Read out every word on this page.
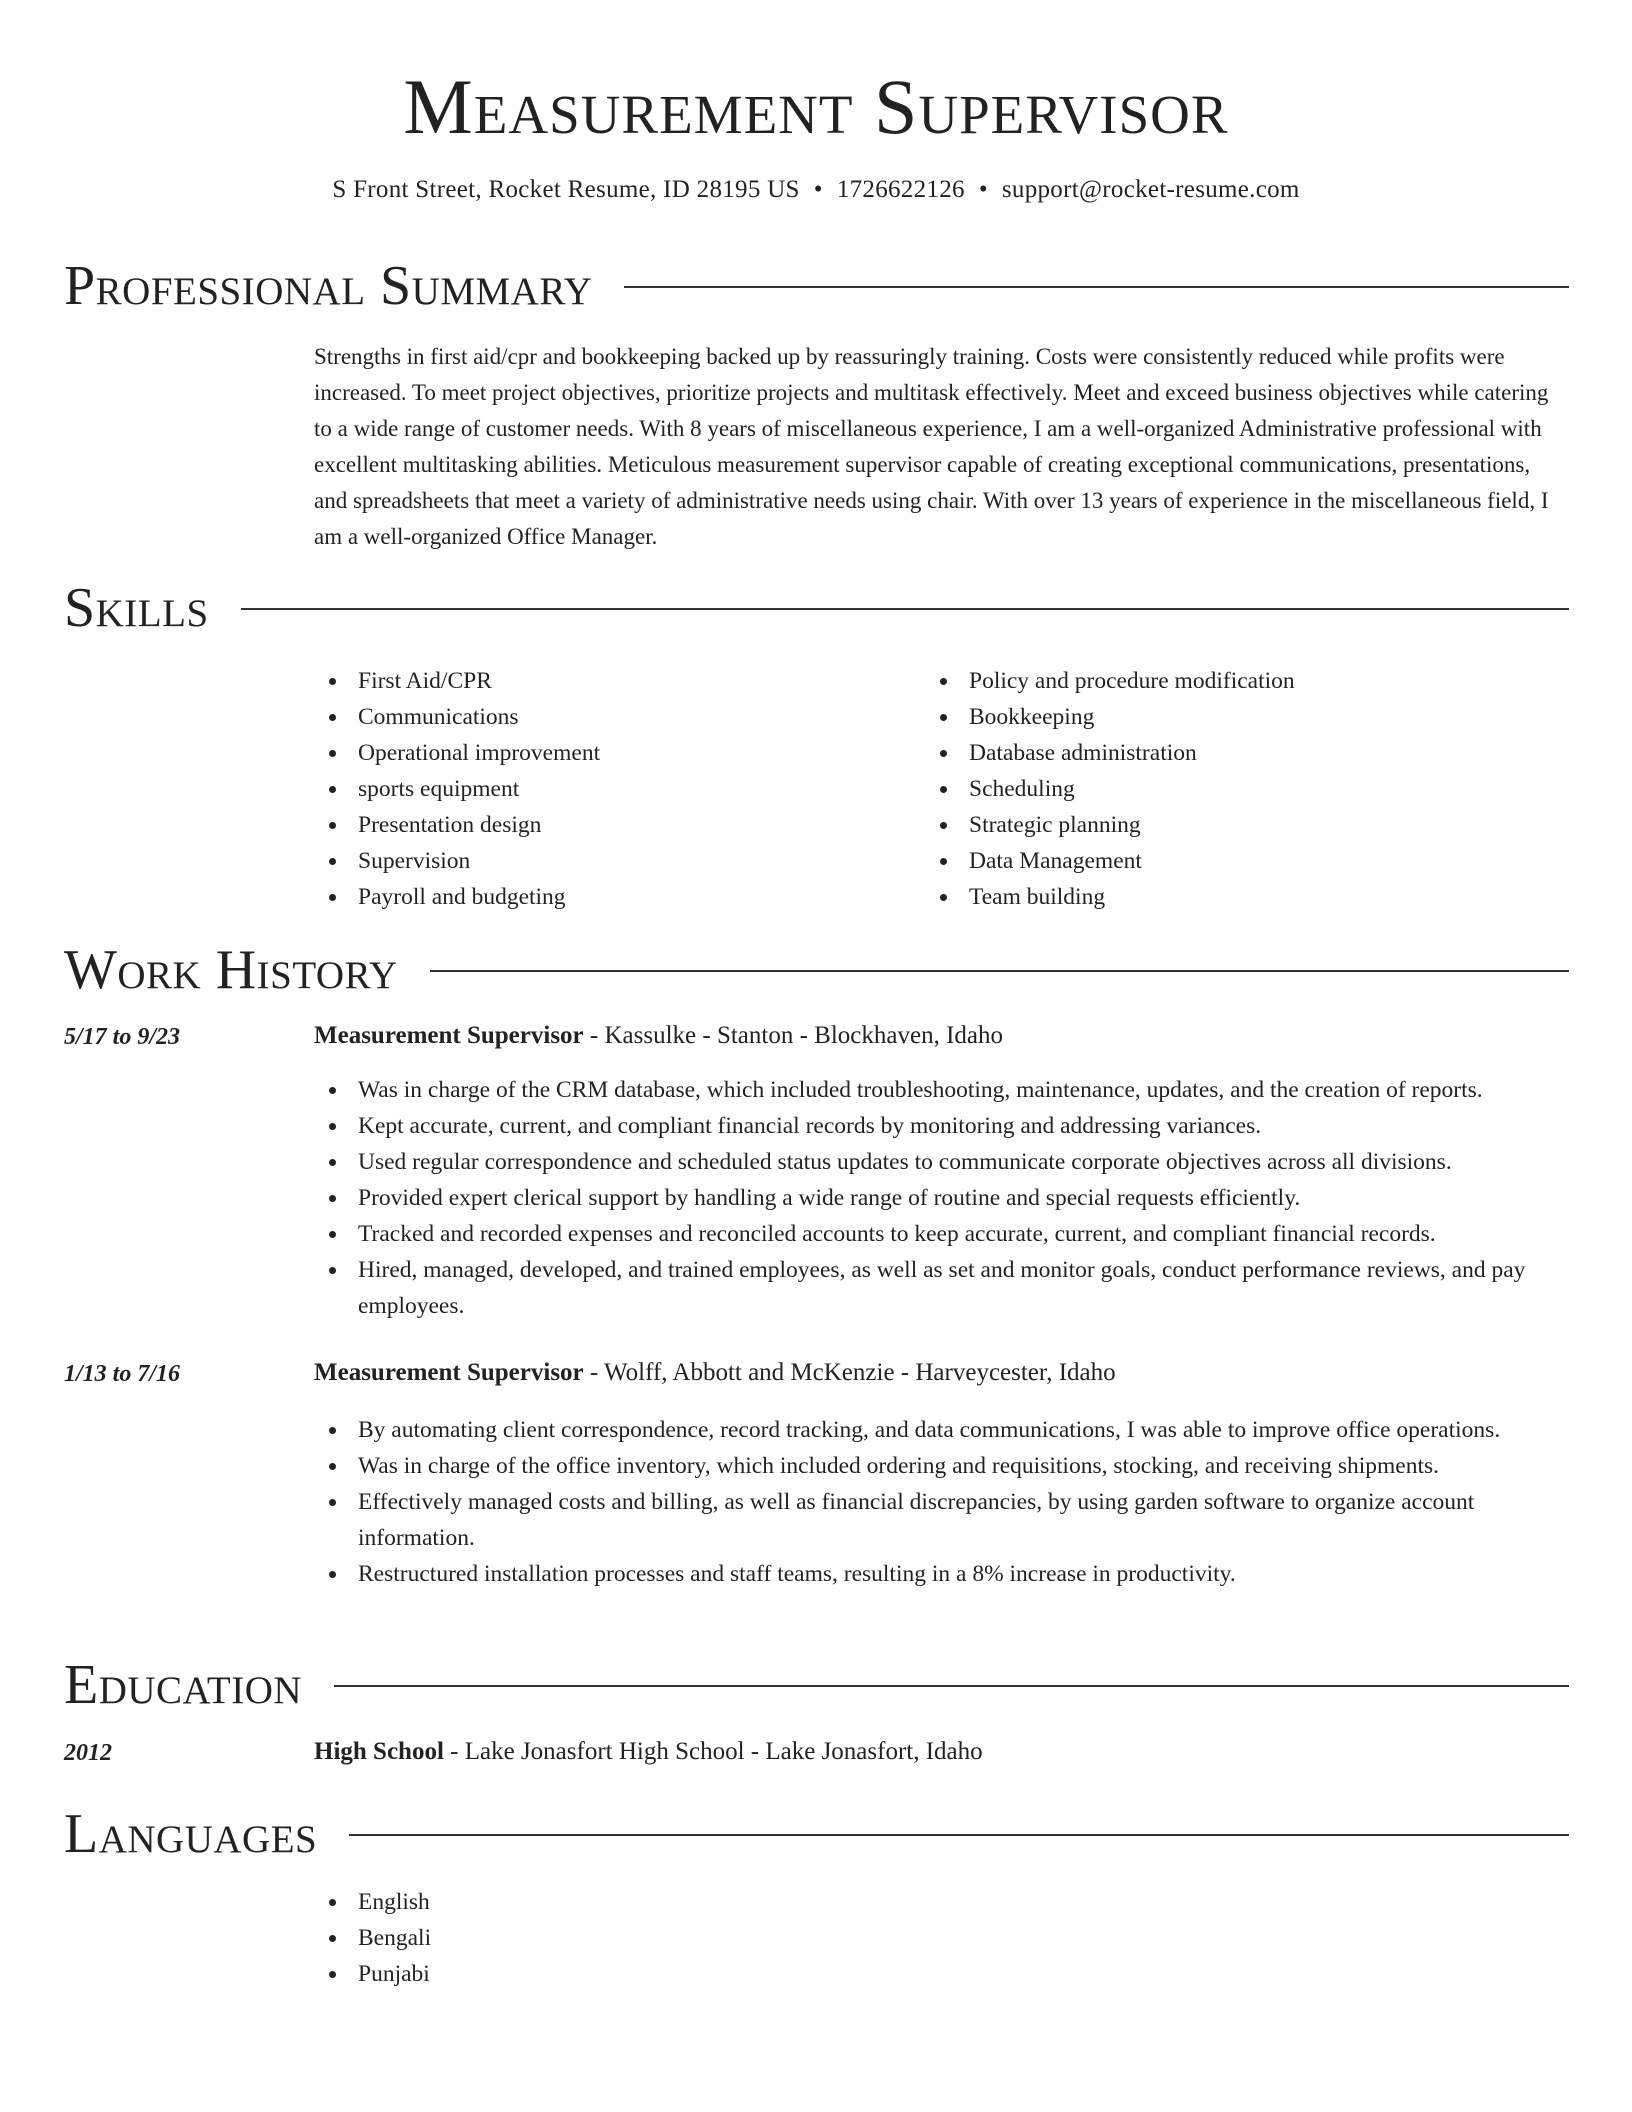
Measurement Supervisor
S Front Street, Rocket Resume, ID 28195 US • 1726622126 • support@rocket-resume.com
Professional Summary

Strengths in first aid/cpr and bookkeeping backed up by reassuringly training. Costs were consistently reduced while profits were increased. To meet project objectives, prioritize projects and multitask effectively. Meet and exceed business objectives while catering to a wide range of customer needs. With 8 years of miscellaneous experience, I am a well-organized Administrative professional with excellent multitasking abilities. Meticulous measurement supervisor capable of creating exceptional communications, presentations, and spreadsheets that meet a variety of administrative needs using chair. With over 13 years of experience in the miscellaneous field, I am a well-organized Office Manager.

Skills
First Aid/CPR
Communications
Operational improvement
sports equipment
Presentation design
Supervision
Payroll and budgeting
Policy and procedure modification
Bookkeeping
Database administration
Scheduling
Strategic planning
Data Management
Team building
Work History
5/17 to 9/23	Measurement Supervisor - Kassulke - Stanton - Blockhaven, Idaho
Was in charge of the CRM database, which included troubleshooting, maintenance, updates, and the creation of reports.
Kept accurate, current, and compliant financial records by monitoring and addressing variances.
Used regular correspondence and scheduled status updates to communicate corporate objectives across all divisions.
Provided expert clerical support by handling a wide range of routine and special requests efficiently.
Tracked and recorded expenses and reconciled accounts to keep accurate, current, and compliant financial records.
Hired, managed, developed, and trained employees, as well as set and monitor goals, conduct performance reviews, and pay employees.
1/13 to 7/16	Measurement Supervisor - Wolff, Abbott and McKenzie - Harveycester, Idaho
By automating client correspondence, record tracking, and data communications, I was able to improve office operations.
Was in charge of the office inventory, which included ordering and requisitions, stocking, and receiving shipments.
Effectively managed costs and billing, as well as financial discrepancies, by using garden software to organize account information.
Restructured installation processes and staff teams, resulting in a 8% increase in productivity.
Education
2012	High School - Lake Jonasfort High School - Lake Jonasfort, Idaho
Languages
English
Bengali
Punjabi
